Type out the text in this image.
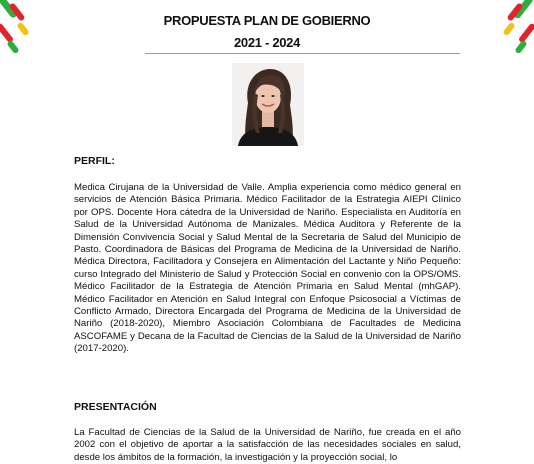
PROPUESTA PLAN DE GOBIERNO
2021 - 2024
PERFIL:
Medica Cirujana de la Universidad de Valle. Amplia experiencia como médico general en servicios de Atención Básica Primaria. Médico Facilitador de la Estrategia AIEPI Clínico por OPS. Docente Hora cátedra de la Universidad de Nariño. Especialista en Auditoría en Salud de la Universidad Autónoma de Manizales. Médica Auditora y Referente de la Dimensión Convivencia Social y Salud Mental de la Secretaria de Salud del Municipio de Pasto. Coordinadora de Básicas del Programa de Medicina de la Universidad de Nariño. Médica Directora, Facilitadora y Consejera en Alimentación del Lactante y Niño Pequeño: curso Integrado del Ministerio de Salud y Protección Social en convenio con la OPS/OMS. Médico Facilitador de la Estrategia de Atención Primaria en Salud Mental (mhGAP). Médico Facilitador en Atención en Salud Integral con Enfoque Psicosocial a Víctimas de Conflicto Armado, Directora Encargada del Programa de Medicina de la Universidad de Nariño (2018-2020), Miembro Asociación Colombiana de Facultades de Medicina ASCOFAME y Decana de la Facultad de Ciencias de la Salud de la Universidad de Nariño (2017-2020).
PRESENTACIÓN
La Facultad de Ciencias de la Salud de la Universidad de Nariño, fue creada en el año 2002 con el objetivo de aportar a la satisfacción de las necesidades sociales en salud, desde los ámbitos de la formación, la investigación y la proyección social, lo
